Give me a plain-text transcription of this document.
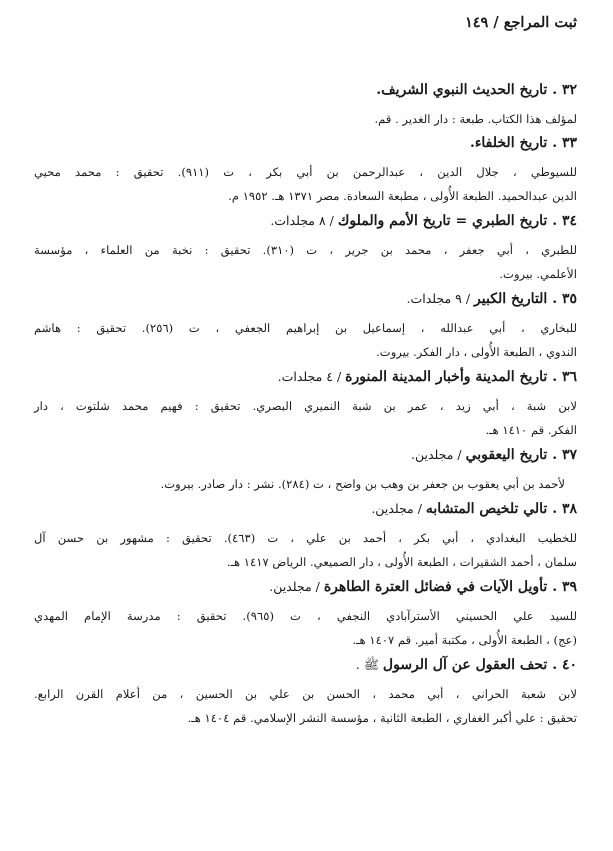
ثبت المراجع / ١٤٩
٣٢ . تاريخ الحديث النبوي الشريف.
لمؤلف هذا الكتاب. طبعة : دار الغدير . قم.
٣٣ . تاريخ الخلفاء.
للسيوطي ، جلال الدين ، عبدالرحمن بن أبي بكر ، ت (٩١١). تحقيق : محمد محيي
الدين عبدالحميد. الطبعة الأُولى ، مطبعة السعادة. مصر ١٣٧١ هـ. ١٩٥٢ م.
٣٤ . تاريخ الطبري = تاريخ الأمم والملوك / ٨ مجلدات.
للطبري ، أبي جعفر ، محمد بن جرير ، ت (٣١٠). تحقيق : نخبة من العلماء ، مؤسسة
الأعلمي. بيروت.
٣٥ . التاريخ الكبير / ٩ مجلدات.
للبخاري ، أبي عبدالله ، إسماعيل بن إبراهيم الجعفي ، ت (٢٥٦). تحقيق : هاشم
الندوي ، الطبعة الأُولى ، دار الفكر. بيروت.
٣٦ . تاريخ المدينة وأخبار المدينة المنورة / ٤ مجلدات.
لابن شبة ، أبي زيد ، عمر بن شبة النميري البصري. تحقيق : فهيم محمد شلتوت ، دار
الفكر. قم ١٤١٠ هـ.
٣٧ . تاريخ اليعقوبي / مجلدين.
لأحمد بن أبي يعقوب بن جعفر بن وهب بن واضح ، ت (٢٨٤). نشر : دار صادر. بيروت.
٣٨ . تالي تلخيص المتشابه / مجلدين.
للخطيب البغدادي ، أبي بكر ، أحمد بن علي ، ت (٤٦٣). تحقيق : مشهور بن حسن آل
سلمان ، أحمد الشقيرات ، الطبعة الأُولى ، دار الصميعي. الرياض ١٤١٧ هـ.
٣٩ . تأويل الآيات في فضائل العترة الطاهرة / مجلدين.
للسيد علي الحسيني الأسترآبادي النجفي ، ت (٩٦٥). تحقيق : مدرسة الإمام المهدي
(عج) ، الطبعة الأُولى ، مكتبة أمير. قم ١٤٠٧ هـ.
٤٠ . تحف العقول عن آل الرسول ﷺ .
لابن شعبة الحراني ، أبي محمد ، الحسن بن علي بن الحسين ، من أعلام القرن الرابع.
تحقيق : علي أكبر الغفاري ، الطبعة الثانية ، مؤسسة النشر الإسلامي. قم ١٤٠٤ هـ.
